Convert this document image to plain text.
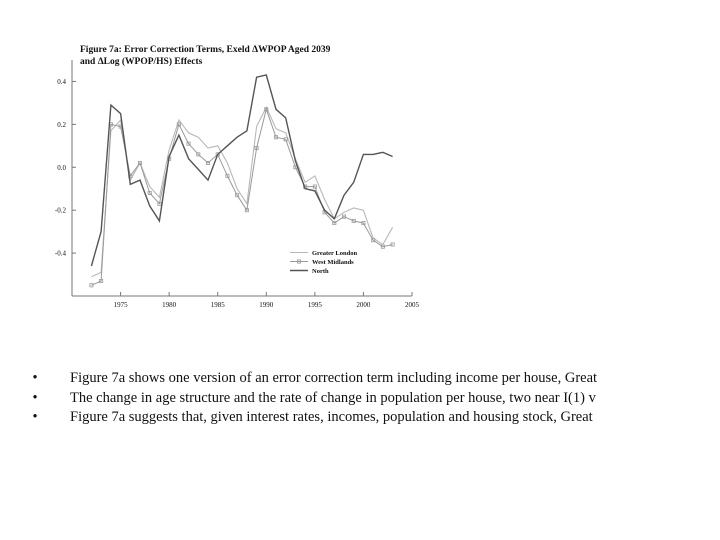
Figure 7a: Error Correction Terms, Exeld ΔWPOP Aged 2039
and ΔLog (WPOP/HS) Effects
0.4
0.2
0.0
-0.2
-0.4
1975	1980	1985	1990	1995	2000	2005
Greater London
West Midlands
North
• Figure 7a shows one version of an error correction term including income per house, Great
• The change in age structure and the rate of change in population per house, two near I(1) v
• Figure 7a suggests that, given interest rates, incomes, population and housing stock, Great
